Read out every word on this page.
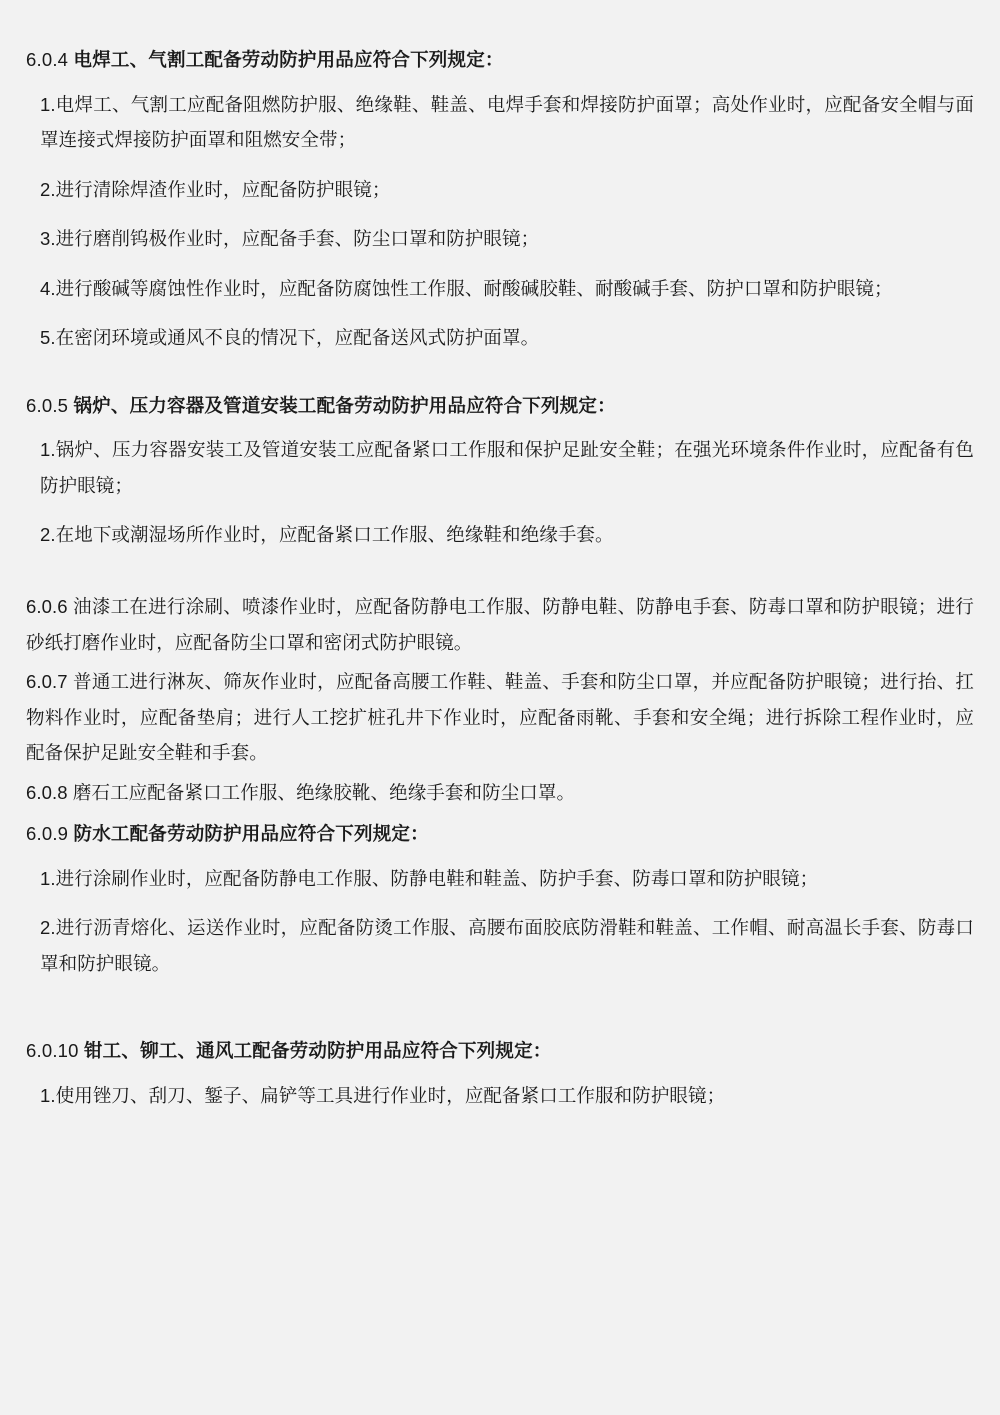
6.0.4 电焊工、气割工配备劳动防护用品应符合下列规定：

1.电焊工、气割工应配备阻燃防护服、绝缘鞋、鞋盖、电焊手套和焊接防护面罩；高处作业时，应配备安全帽与面罩连接式焊接防护面罩和阻燃安全带；

2.进行清除焊渣作业时，应配备防护眼镜；

3.进行磨削钨极作业时，应配备手套、防尘口罩和防护眼镜；

4.进行酸碱等腐蚀性作业时，应配备防腐蚀性工作服、耐酸碱胶鞋、耐酸碱手套、防护口罩和防护眼镜；

5.在密闭环境或通风不良的情况下，应配备送风式防护面罩。

6.0.5 锅炉、压力容器及管道安装工配备劳动防护用品应符合下列规定：

1.锅炉、压力容器安装工及管道安装工应配备紧口工作服和保护足趾安全鞋；在强光环境条件作业时，应配备有色防护眼镜；

2.在地下或潮湿场所作业时，应配备紧口工作服、绝缘鞋和绝缘手套。

6.0.6 油漆工在进行涂刷、喷漆作业时，应配备防静电工作服、防静电鞋、防静电手套、防毒口罩和防护眼镜；进行砂纸打磨作业时，应配备防尘口罩和密闭式防护眼镜。

6.0.7 普通工进行淋灰、筛灰作业时，应配备高腰工作鞋、鞋盖、手套和防尘口罩，并应配备防护眼镜；进行抬、扛物料作业时，应配备垫肩；进行人工挖扩桩孔井下作业时，应配备雨靴、手套和安全绳；进行拆除工程作业时，应配备保护足趾安全鞋和手套。

6.0.8 磨石工应配备紧口工作服、绝缘胶靴、绝缘手套和防尘口罩。

6.0.9 防水工配备劳动防护用品应符合下列规定：

1.进行涂刷作业时，应配备防静电工作服、防静电鞋和鞋盖、防护手套、防毒口罩和防护眼镜；

2.进行沥青熔化、运送作业时，应配备防烫工作服、高腰布面胶底防滑鞋和鞋盖、工作帽、耐高温长手套、防毒口罩和防护眼镜。

6.0.10 钳工、铆工、通风工配备劳动防护用品应符合下列规定：

1.使用锉刀、刮刀、錾子、扁铲等工具进行作业时，应配备紧口工作服和防护眼镜；
